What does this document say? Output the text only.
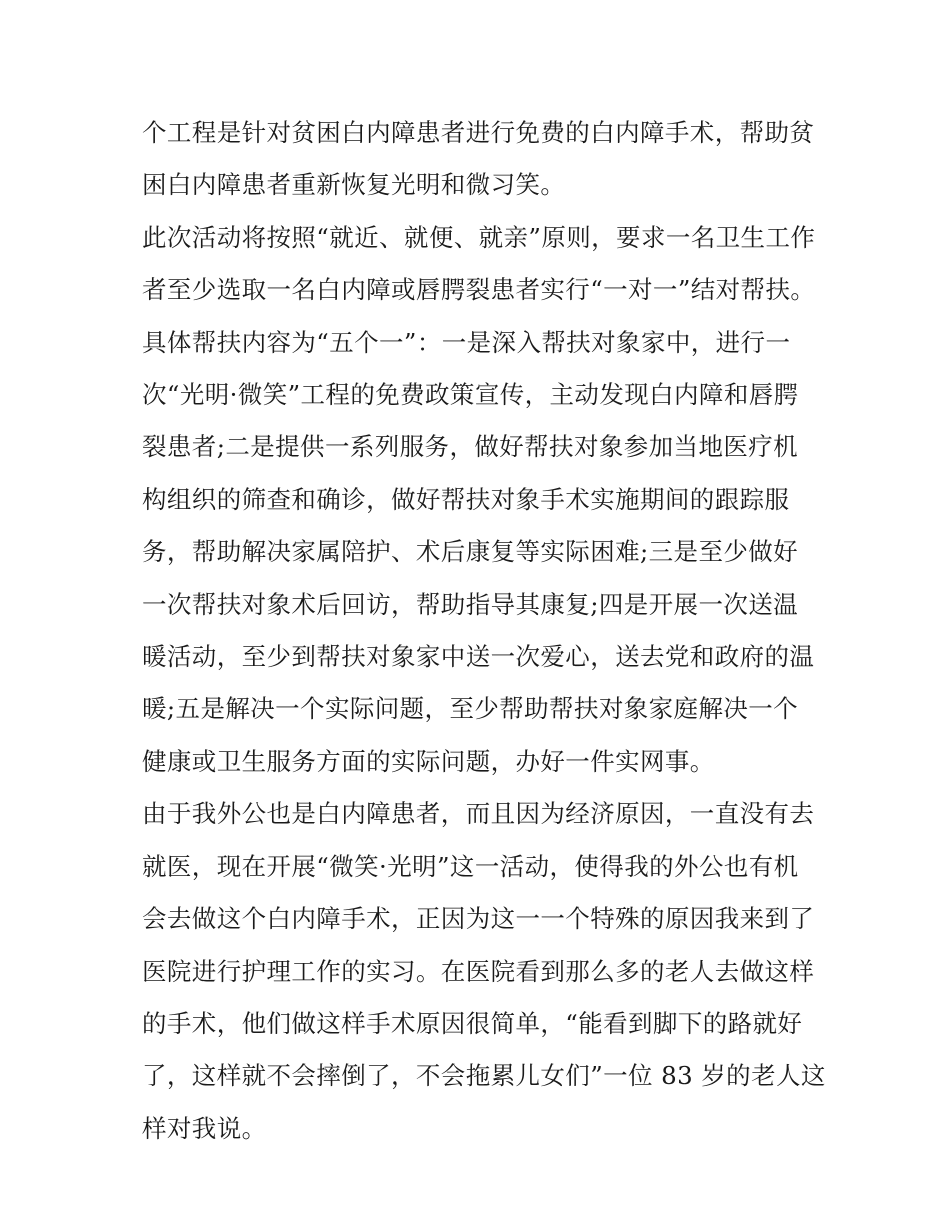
个工程是针对贫困白内障患者进行免费的白内障手术，帮助贫
困白内障患者重新恢复光明和微习笑。
此次活动将按照“就近、就便、就亲”原则，要求一名卫生工作
者至少选取一名白内障或唇腭裂患者实行“一对一”结对帮扶。
具体帮扶内容为“五个一”：一是深入帮扶对象家中，进行一
次“光明·微笑”工程的免费政策宣传，主动发现白内障和唇腭
裂患者;二是提供一系列服务，做好帮扶对象参加当地医疗机
构组织的筛查和确诊，做好帮扶对象手术实施期间的跟踪服
务，帮助解决家属陪护、术后康复等实际困难;三是至少做好
一次帮扶对象术后回访，帮助指导其康复;四是开展一次送温
暖活动，至少到帮扶对象家中送一次爱心，送去党和政府的温
暖;五是解决一个实际问题，至少帮助帮扶对象家庭解决一个
健康或卫生服务方面的实际问题，办好一件实网事。
由于我外公也是白内障患者，而且因为经济原因，一直没有去
就医，现在开展“微笑·光明”这一活动，使得我的外公也有机
会去做这个白内障手术，正因为这一一个特殊的原因我来到了
医院进行护理工作的实习。在医院看到那么多的老人去做这样
的手术，他们做这样手术原因很简单，“能看到脚下的路就好
了，这样就不会摔倒了，不会拖累儿女们”一位 83 岁的老人这
样对我说。
